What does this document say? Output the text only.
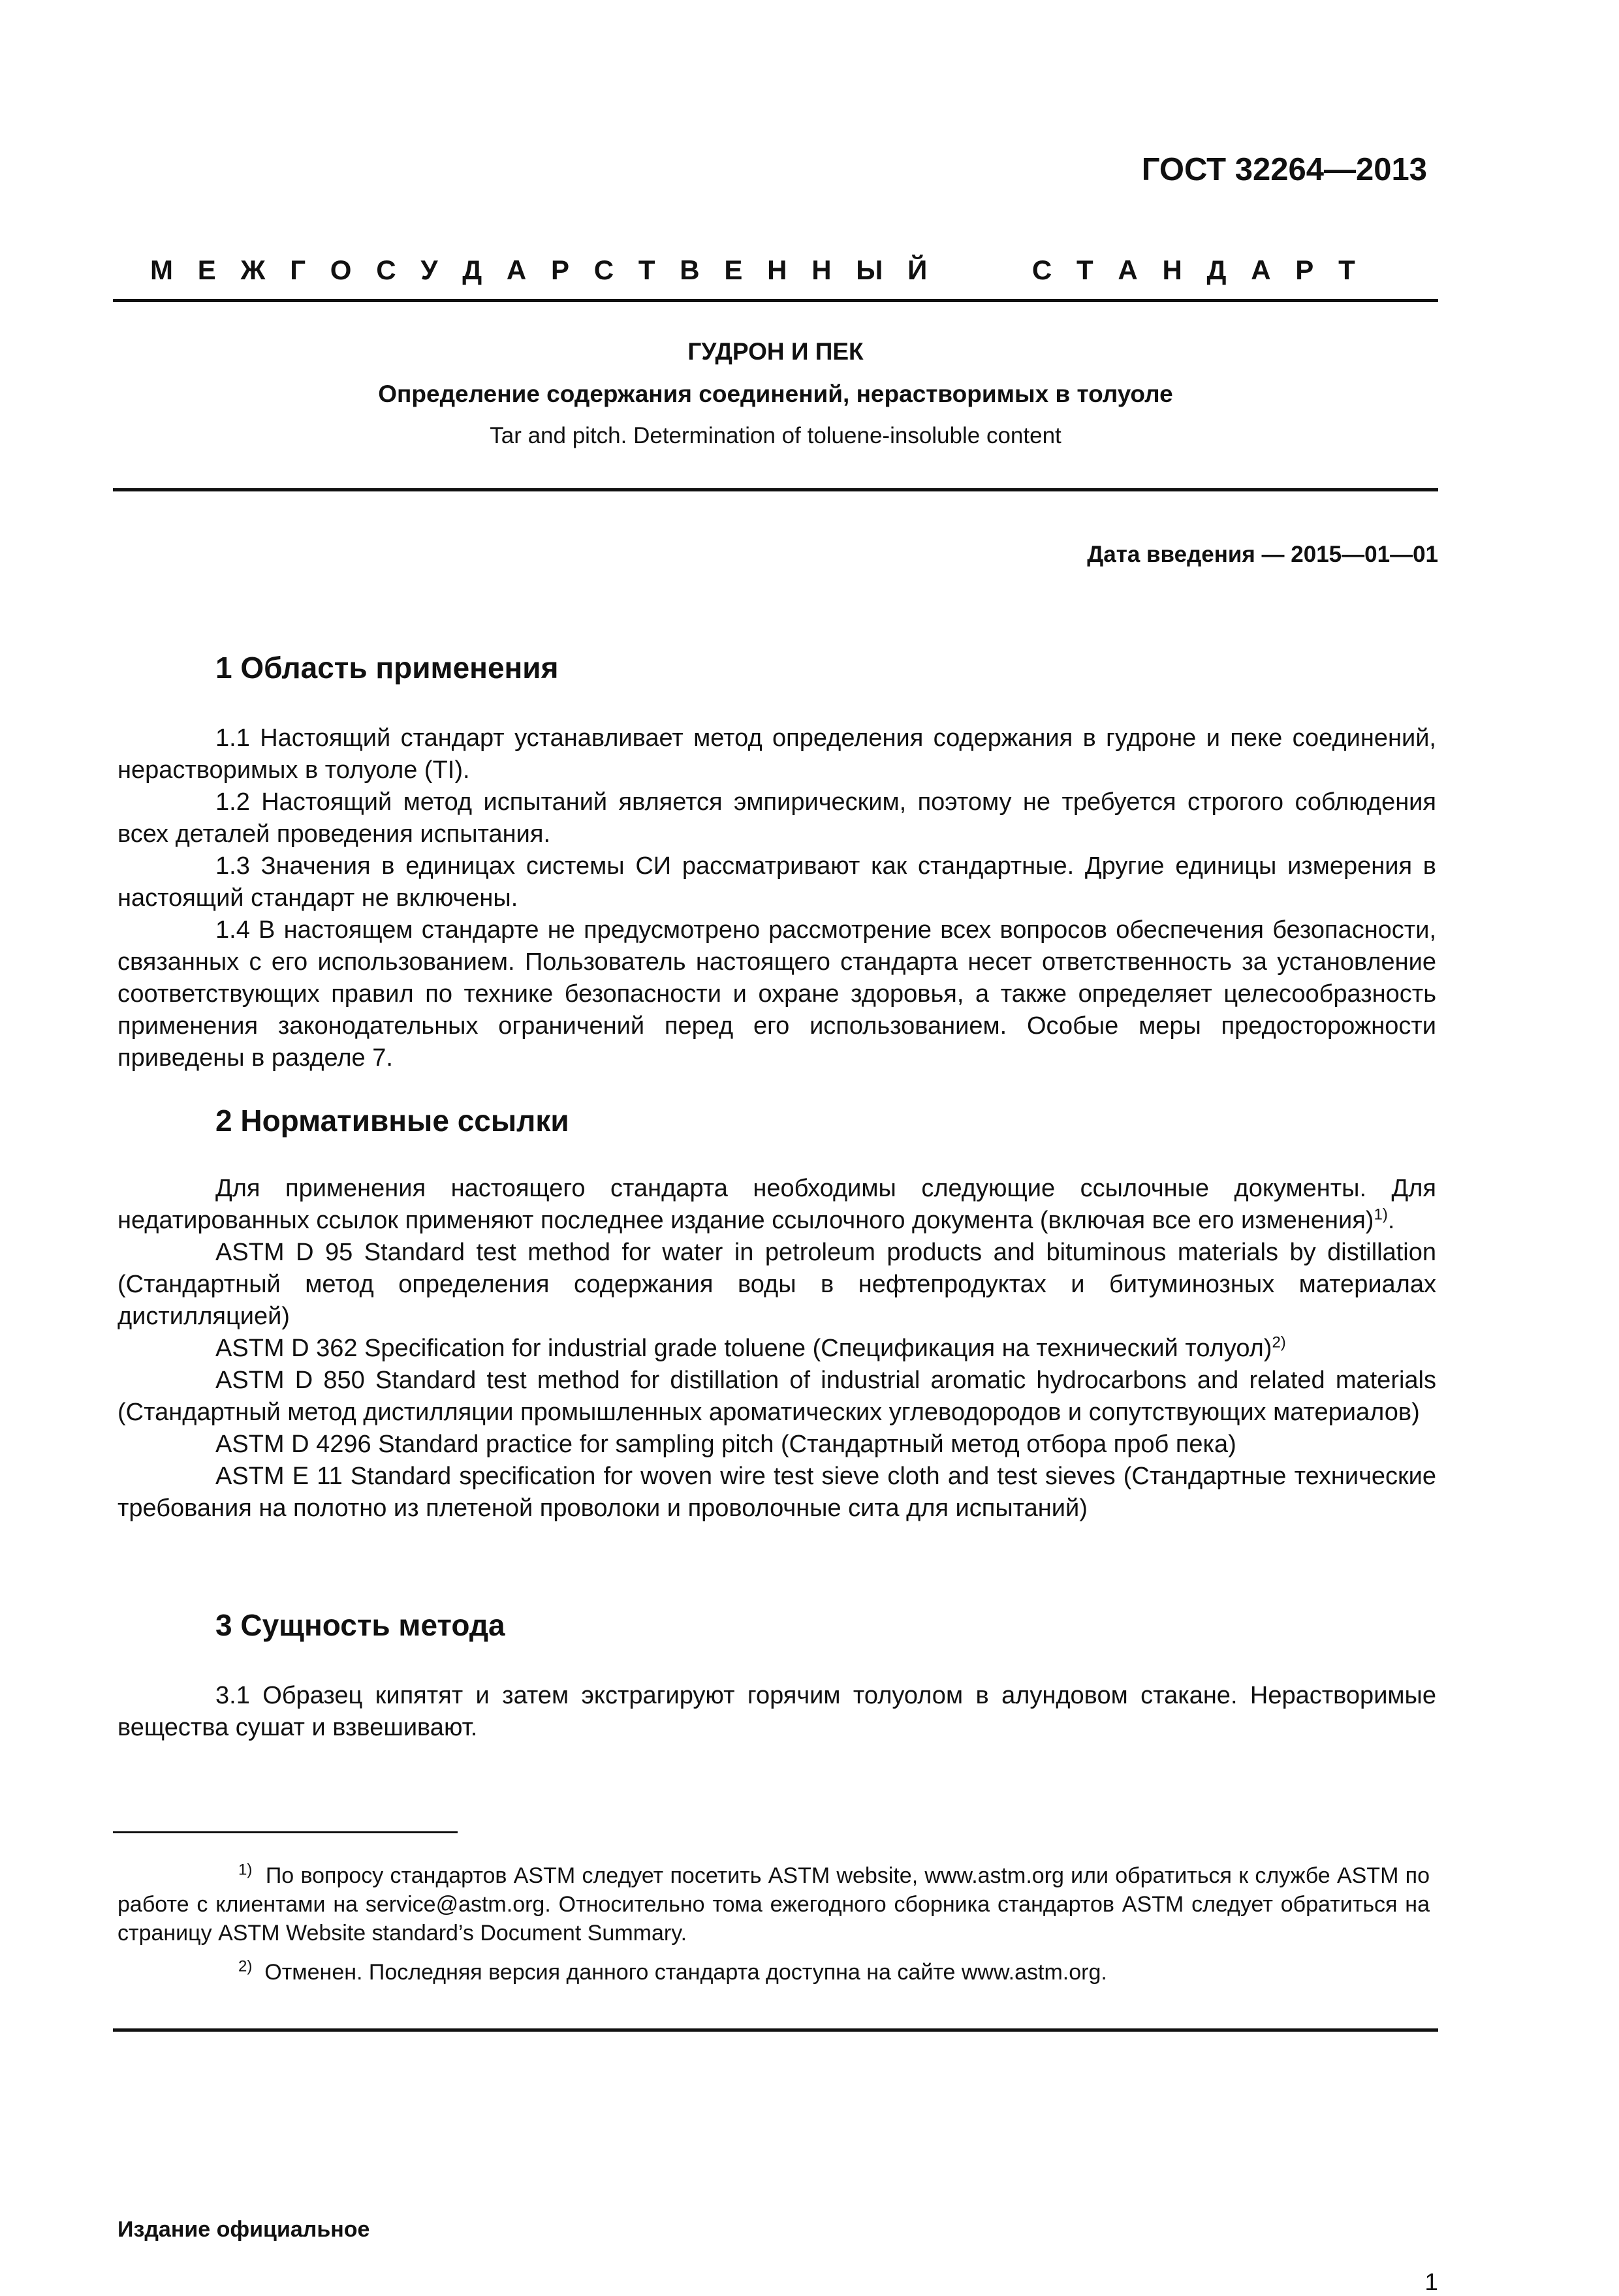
ГОСТ 32264—2013
М Е Ж Г О С У Д А Р С Т В Е Н Н Ы Й	С Т А Н Д А Р Т
ГУДРОН И ПЕК
Определение содержания соединений, нерастворимых в толуоле
Tar and pitch. Determination of toluene-insoluble content
Дата введения — 2015—01—01
1 Область применения

1.1 Настоящий стандарт устанавливает метод определения содержания в гудроне и пеке соединений, нерастворимых в толуоле (TI).

1.2 Настоящий метод испытаний является эмпирическим, поэтому не требуется строгого соблюдения всех деталей проведения испытания.

1.3 Значения в единицах системы СИ рассматривают как стандартные. Другие единицы измерения в настоящий стандарт не включены.

1.4 В настоящем стандарте не предусмотрено рассмотрение всех вопросов обеспечения безопасности, связанных с его использованием. Пользователь настоящего стандарта несет ответственность за установление соответствующих правил по технике безопасности и охране здоровья, а также определяет целесообразность применения законодательных ограничений перед его использованием. Особые меры предосторожности приведены в разделе 7.

2 Нормативные ссылки

Для применения настоящего стандарта необходимы следующие ссылочные документы. Для недатированных ссылок применяют последнее издание ссылочного документа (включая все его изменения)$^{1)}$.

ASTM D 95 Standard test method for water in petroleum products and bituminous materials by distillation (Стандартный метод определения содержания воды в нефтепродуктах и битуминозных материалах дистилляцией)

ASTM D 362 Specification for industrial grade toluene (Спецификация на технический толуол)$^{2)}$

ASTM D 850 Standard test method for distillation of industrial aromatic hydrocarbons and related materials (Стандартный метод дистилляции промышленных ароматических углеводородов и сопутствующих материалов)

ASTM D 4296 Standard practice for sampling pitch (Стандартный метод отбора проб пека)

ASTM E 11 Standard specification for woven wire test sieve cloth and test sieves (Стандартные технические требования на полотно из плетеной проволоки и проволочные сита для испытаний)

3 Сущность метода

3.1 Образец кипятят и затем экстрагируют горячим толуолом в алундовом стакане. Нерастворимые вещества сушат и взвешивают.

$^{1)}$ По вопросу стандартов ASTM следует посетить ASTM website, www.astm.org или обратиться к службе ASTM по работе с клиентами на service@astm.org. Относительно тома ежегодного сборника стандартов ASTM следует обратиться на страницу ASTM Website standard’s Document Summary.

$^{2)}$ Отменен. Последняя версия данного стандарта доступна на сайте www.astm.org.

Издание официальное
1
